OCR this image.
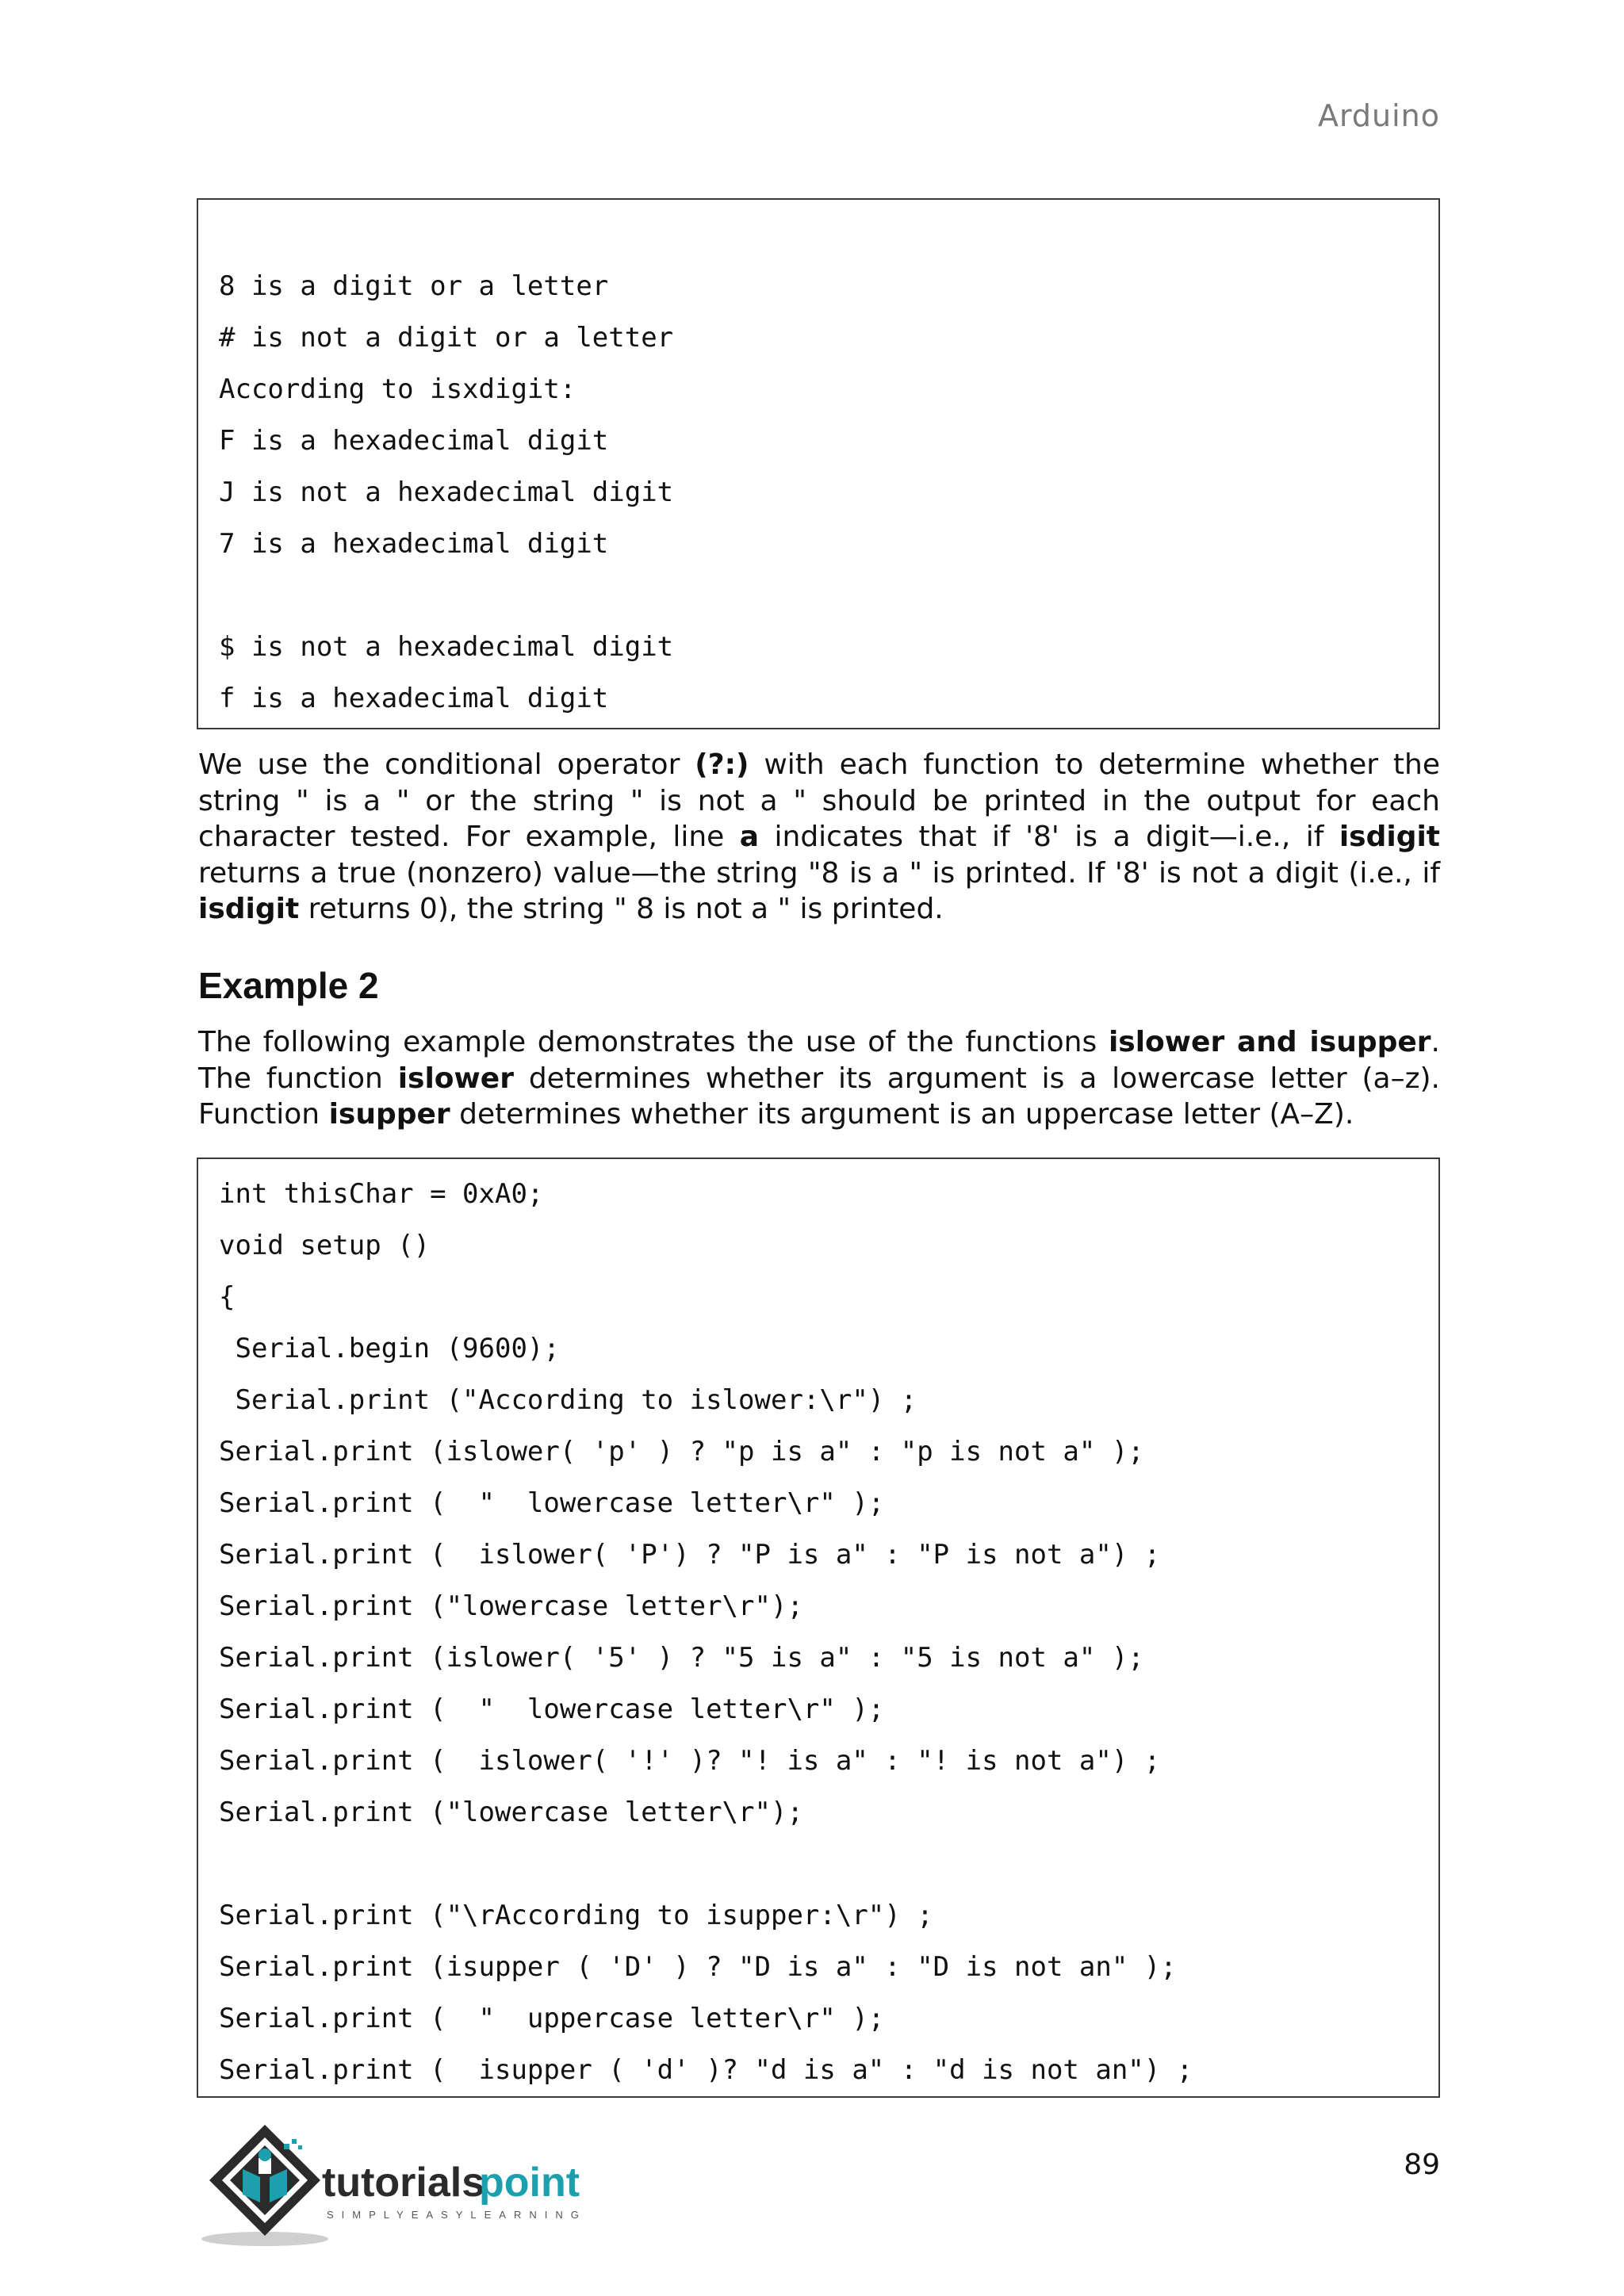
Arduino
8 is a digit or a letter
# is not a digit or a letter
According to isxdigit:
F is a hexadecimal digit
J is not a hexadecimal digit
7 is a hexadecimal digit
$ is not a hexadecimal digit
f is a hexadecimal digit
We use the conditional operator (?:) with each function to determine whether the string " is a " or the string " is not a " should be printed in the output for each character tested. For example, line a indicates that if '8' is a digit—i.e., if isdigit returns a true (nonzero) value—the string "8 is a " is printed. If '8' is not a digit (i.e., if isdigit returns 0), the string " 8 is not a " is printed.
Example 2
The following example demonstrates the use of the functions islower and isupper. The function islower determines whether its argument is a lowercase letter (a–z). Function isupper determines whether its argument is an uppercase letter (A–Z).
int thisChar = 0xA0;
void setup ()
{
Serial.begin (9600);
Serial.print ("According to islower:\r") ;
Serial.print (islower( 'p' ) ? "p is a" : "p is not a" );
Serial.print (  "  lowercase letter\r" );
Serial.print (  islower( 'P') ? "P is a" : "P is not a") ;
Serial.print ("lowercase letter\r");
Serial.print (islower( '5' ) ? "5 is a" : "5 is not a" );
Serial.print (  "  lowercase letter\r" );
Serial.print (  islower( '!' )? "! is a" : "! is not a") ;
Serial.print ("lowercase letter\r");
Serial.print ("\rAccording to isupper:\r") ;
Serial.print (isupper ( 'D' ) ? "D is a" : "D is not an" );
Serial.print (  "  uppercase letter\r" );
Serial.print (  isupper ( 'd' )? "d is a" : "d is not an") ;
tutorials
point
SIMPLYEASYLEARNING
89
